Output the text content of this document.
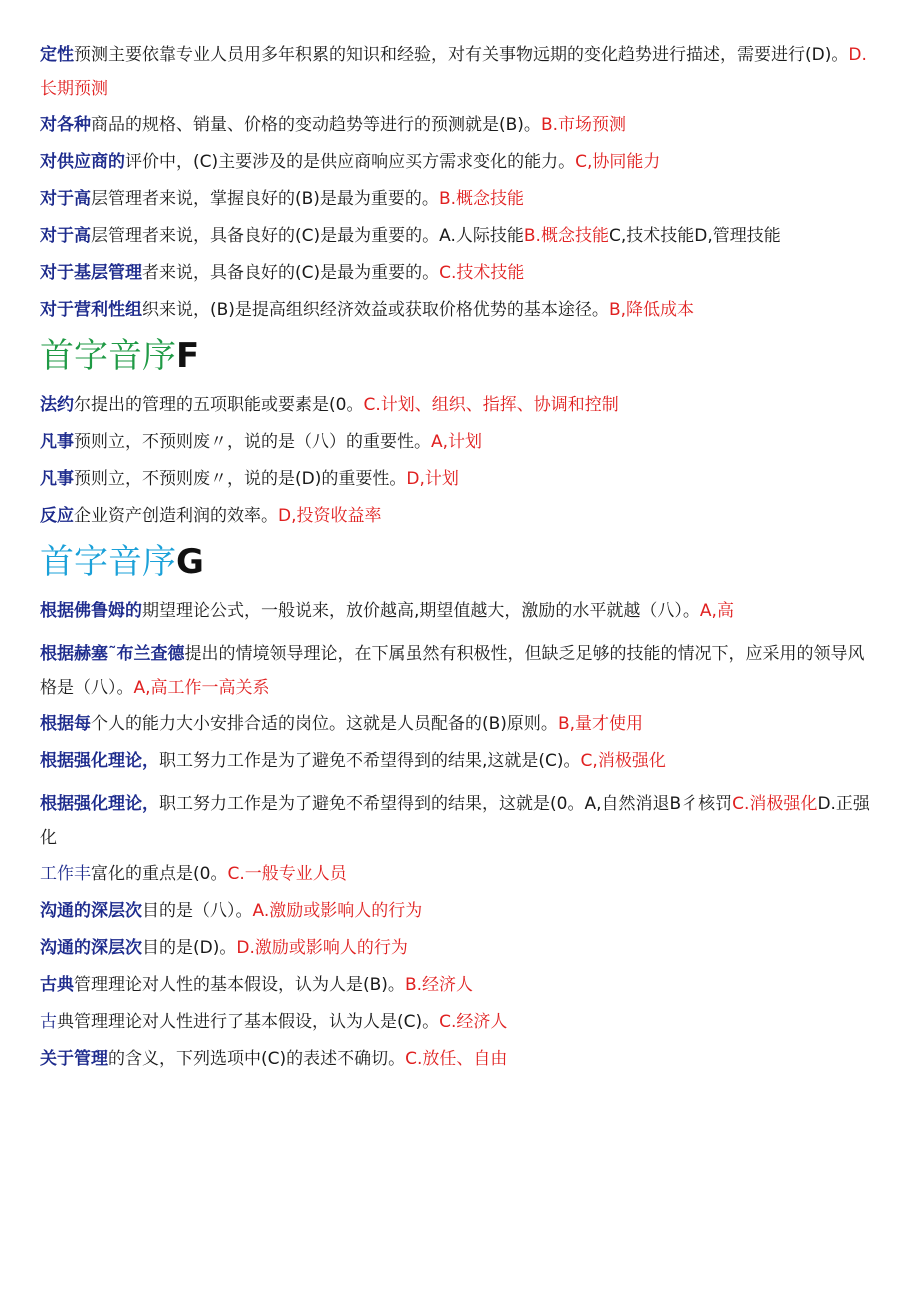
定性预测主要依靠专业人员用多年积累的知识和经验，对有关事物远期的变化趋势进行描述，需要进行(D)。D.长期预测
对各种商品的规格、销量、价格的变动趋势等进行的预测就是(B)。B.市场预测
对供应商的评价中，(C)主要涉及的是供应商响应买方需求变化的能力。C,协同能力
对于高层管理者来说，掌握良好的(B)是最为重要的。B.概念技能
对于高层管理者来说，具备良好的(C)是最为重要的。A.人际技能B.概念技能C,技术技能D,管理技能
对于基层管理者来说，具备良好的(C)是最为重要的。C.技术技能
对于营利性组织来说，(B)是提高组织经济效益或获取价格优势的基本途径。B,降低成本
首字音序F
法约尔提出的管理的五项职能或要素是(0。C.计划、组织、指挥、协调和控制
凡事预则立，不预则废〃，说的是（八）的重要性。A,计划
凡事预则立，不预则废〃，说的是(D)的重要性。D,计划
反应企业资产创造利润的效率。D,投资收益率
首字音序G
根据佛鲁姆的期望理论公式，一般说来，放价越高,期望值越大，激励的水平就越（八）。A,高
根据赫塞˜布兰查德提出的情境领导理论，在下属虽然有积极性，但缺乏足够的技能的情况下，应采用的领导风格是（八）。A,高工作一高关系
根据每个人的能力大小安排合适的岗位。这就是人员配备的(B)原则。B,量才使用
根据强化理论，职工努力工作是为了避免不希望得到的结果,这就是(C)。C,消极强化
根据强化理论，职工努力工作是为了避免不希望得到的结果，这就是(0。A,自然消退B彳核罚C.消极强化D.正强化
工作丰富化的重点是(0。C.一般专业人员
沟通的深层次目的是（八）。A.激励或影响人的行为
沟通的深层次目的是(D)。D.激励或影响人的行为
古典管理理论对人性的基本假设，认为人是(B)。B.经济人
古典管理理论对人性进行了基本假设，认为人是(C)。C.经济人
关于管理的含义，下列选项中(C)的表述不确切。C.放任、自由
